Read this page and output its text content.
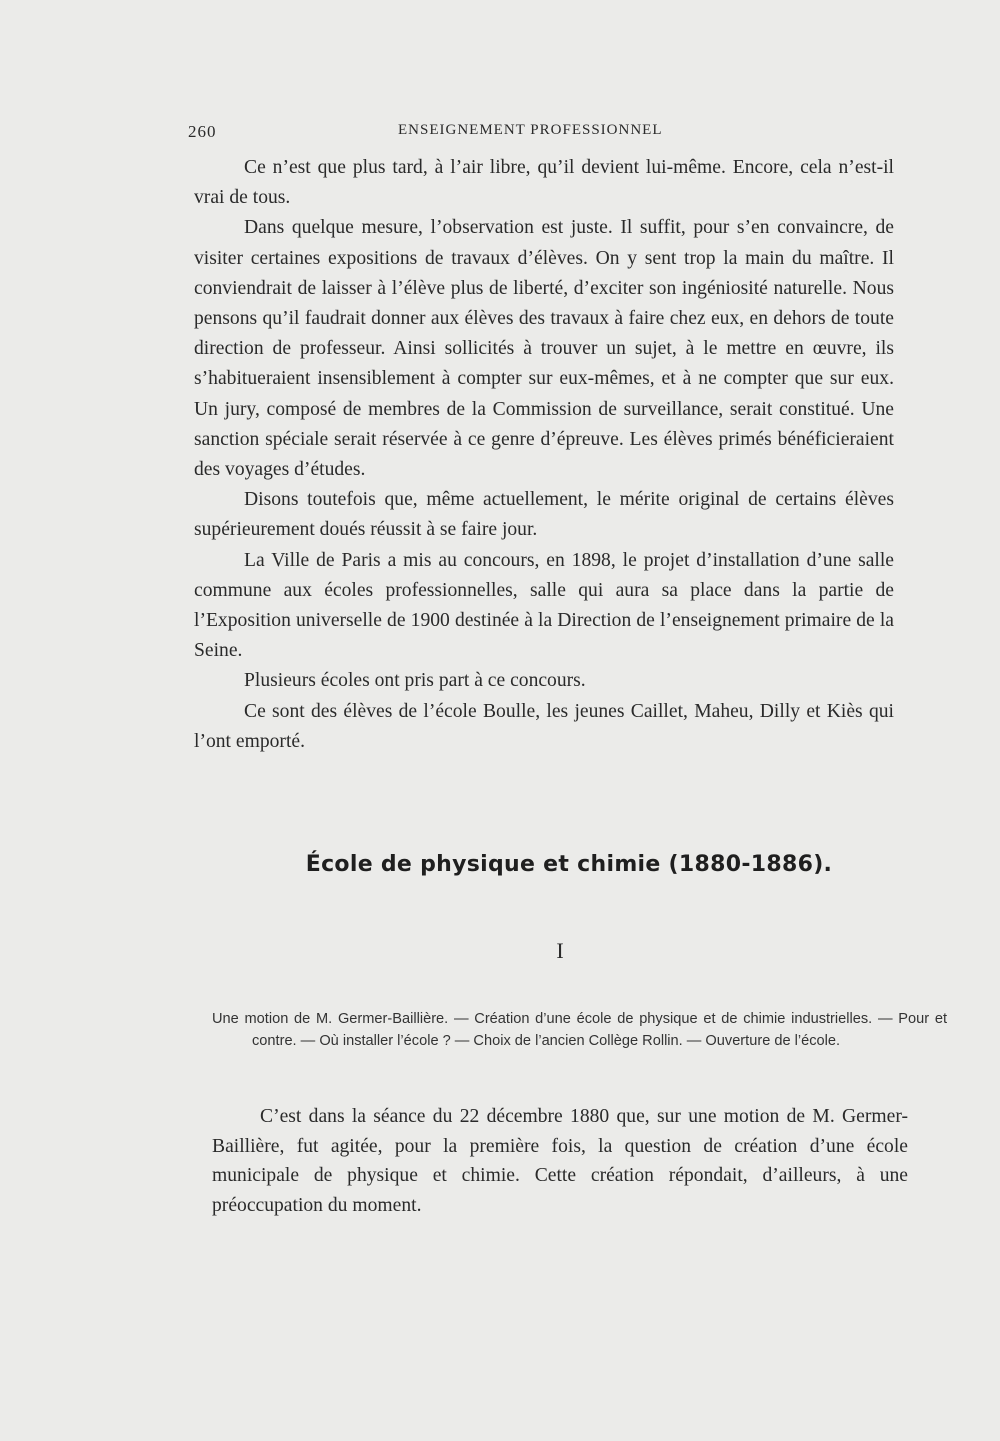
260	ENSEIGNEMENT PROFESSIONNEL

Ce n’est que plus tard, à l’air libre, qu’il devient lui-même. Encore, cela n’est-il vrai de tous.

Dans quelque mesure, l’observation est juste. Il suffit, pour s’en convaincre, de visiter certaines expositions de travaux d’élèves. On y sent trop la main du maître. Il conviendrait de laisser à l’élève plus de liberté, d’exciter son ingéniosité naturelle. Nous pensons qu’il faudrait donner aux élèves des travaux à faire chez eux, en dehors de toute direction de professeur. Ainsi sollicités à trouver un sujet, à le mettre en œuvre, ils s’habitueraient insensiblement à compter sur eux-mêmes, et à ne compter que sur eux. Un jury, composé de membres de la Commission de surveillance, serait constitué. Une sanction spéciale serait réservée à ce genre d’épreuve. Les élèves primés bénéficieraient des voyages d’études.

Disons toutefois que, même actuellement, le mérite original de certains élèves supérieurement doués réussit à se faire jour.

La Ville de Paris a mis au concours, en 1898, le projet d’installation d’une salle commune aux écoles professionnelles, salle qui aura sa place dans la partie de l’Exposition universelle de 1900 destinée à la Direction de l’enseignement primaire de la Seine.

Plusieurs écoles ont pris part à ce concours.

Ce sont des élèves de l’école Boulle, les jeunes Caillet, Maheu, Dilly et Kiès qui l’ont emporté.

École de physique et chimie (1880-1886).
I
Une motion de M. Germer-Baillière. — Création d’une école de physique et de chimie industrielles. — Pour et contre. — Où installer l’école ? — Choix de l’ancien Collège Rollin. — Ouverture de l’école.

C’est dans la séance du 22 décembre 1880 que, sur une motion de M. Germer-Baillière, fut agitée, pour la première fois, la question de création d’une école municipale de physique et chimie. Cette création répondait, d’ailleurs, à une préoccupation du moment.
